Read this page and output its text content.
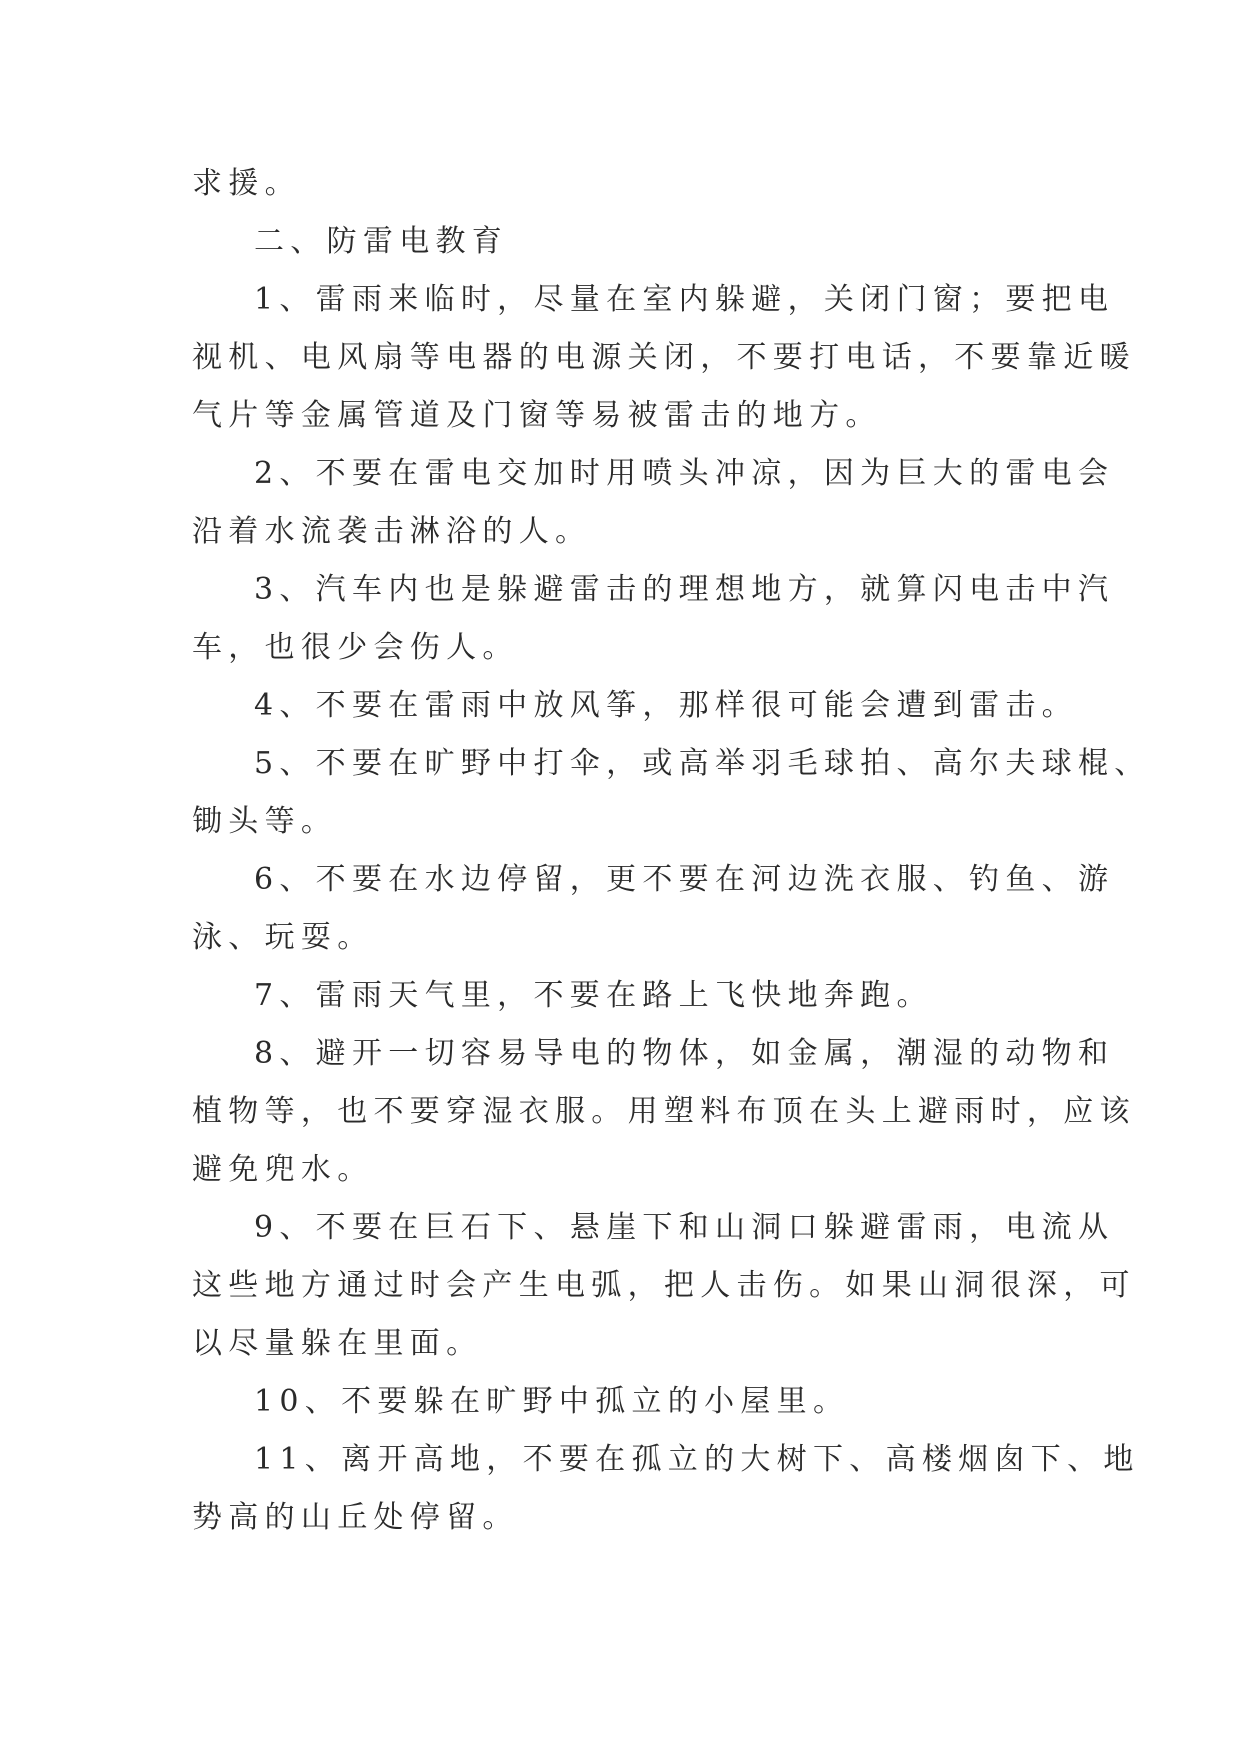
求援。
二、防雷电教育
1、雷雨来临时，尽量在室内躲避，关闭门窗；要把电
视机、电风扇等电器的电源关闭，不要打电话，不要靠近暖
气片等金属管道及门窗等易被雷击的地方。
2、不要在雷电交加时用喷头冲凉，因为巨大的雷电会
沿着水流袭击淋浴的人。
3、汽车内也是躲避雷击的理想地方，就算闪电击中汽
车，也很少会伤人。
4、不要在雷雨中放风筝，那样很可能会遭到雷击。
5、不要在旷野中打伞，或高举羽毛球拍、高尔夫球棍、
锄头等。
6、不要在水边停留，更不要在河边洗衣服、钓鱼、游
泳、玩耍。
7、雷雨天气里，不要在路上飞快地奔跑。
8、避开一切容易导电的物体，如金属，潮湿的动物和
植物等，也不要穿湿衣服。用塑料布顶在头上避雨时，应该
避免兜水。
9、不要在巨石下、悬崖下和山洞口躲避雷雨，电流从
这些地方通过时会产生电弧，把人击伤。如果山洞很深，可
以尽量躲在里面。
10、不要躲在旷野中孤立的小屋里。
11、离开高地，不要在孤立的大树下、高楼烟囱下、地
势高的山丘处停留。
